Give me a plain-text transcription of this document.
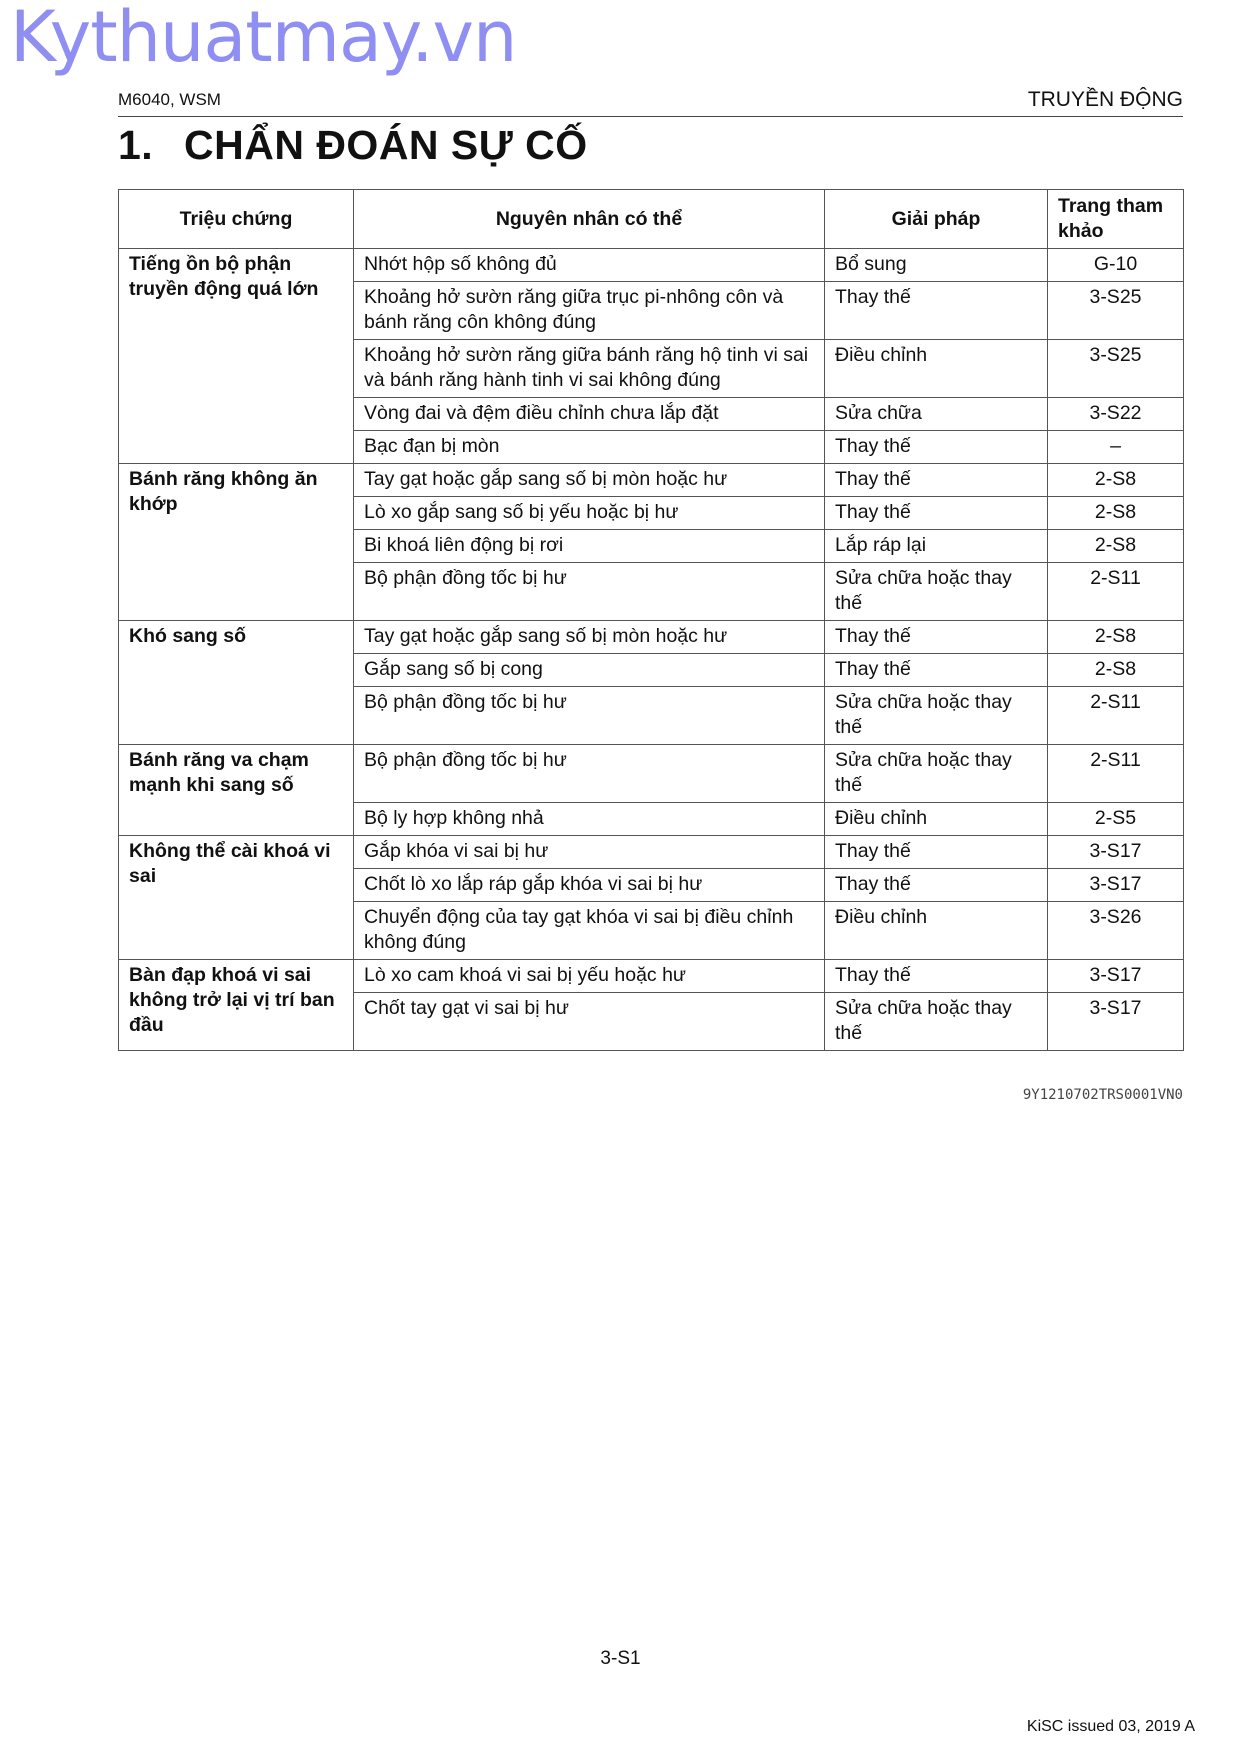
Kythuatmay.vn
M6040, WSM	TRUYỀN ĐỘNG
1. CHẨN ĐOÁN SỰ CỐ
Triệu chứng	Nguyên nhân có thể	Giải pháp	Trang tham khảo
Tiếng ồn bộ phận truyền động quá lớn	Nhớt hộp số không đủ	Bổ sung	G-10
	Khoảng hở sườn răng giữa trục pi-nhông côn và bánh răng côn không đúng	Thay thế	3-S25
	Khoảng hở sườn răng giữa bánh răng hộ tinh vi sai và bánh răng hành tinh vi sai không đúng	Điều chỉnh	3-S25
	Vòng đai và đệm điều chỉnh chưa lắp đặt	Sửa chữa	3-S22
	Bạc đạn bị mòn	Thay thế	–
Bánh răng không ăn khớp	Tay gạt hoặc gắp sang số bị mòn hoặc hư	Thay thế	2-S8
	Lò xo gắp sang số bị yếu hoặc bị hư	Thay thế	2-S8
	Bi khoá liên động bị rơi	Lắp ráp lại	2-S8
	Bộ phận đồng tốc bị hư	Sửa chữa hoặc thay thế	2-S11
Khó sang số	Tay gạt hoặc gắp sang số bị mòn hoặc hư	Thay thế	2-S8
	Gắp sang số bị cong	Thay thế	2-S8
	Bộ phận đồng tốc bị hư	Sửa chữa hoặc thay thế	2-S11
Bánh răng va chạm mạnh khi sang số	Bộ phận đồng tốc bị hư	Sửa chữa hoặc thay thế	2-S11
	Bộ ly hợp không nhả	Điều chỉnh	2-S5
Không thể cài khoá vi sai	Gắp khóa vi sai bị hư	Thay thế	3-S17
	Chốt lò xo lắp ráp gắp khóa vi sai bị hư	Thay thế	3-S17
	Chuyển động của tay gạt khóa vi sai bị điều chỉnh không đúng	Điều chỉnh	3-S26
Bàn đạp khoá vi sai không trở lại vị trí ban đầu	Lò xo cam khoá vi sai bị yếu hoặc hư	Thay thế	3-S17
	Chốt tay gạt vi sai bị hư	Sửa chữa hoặc thay thế	3-S17
9Y1210702TRS0001VN0
3-S1
KiSC issued 03, 2019 A
